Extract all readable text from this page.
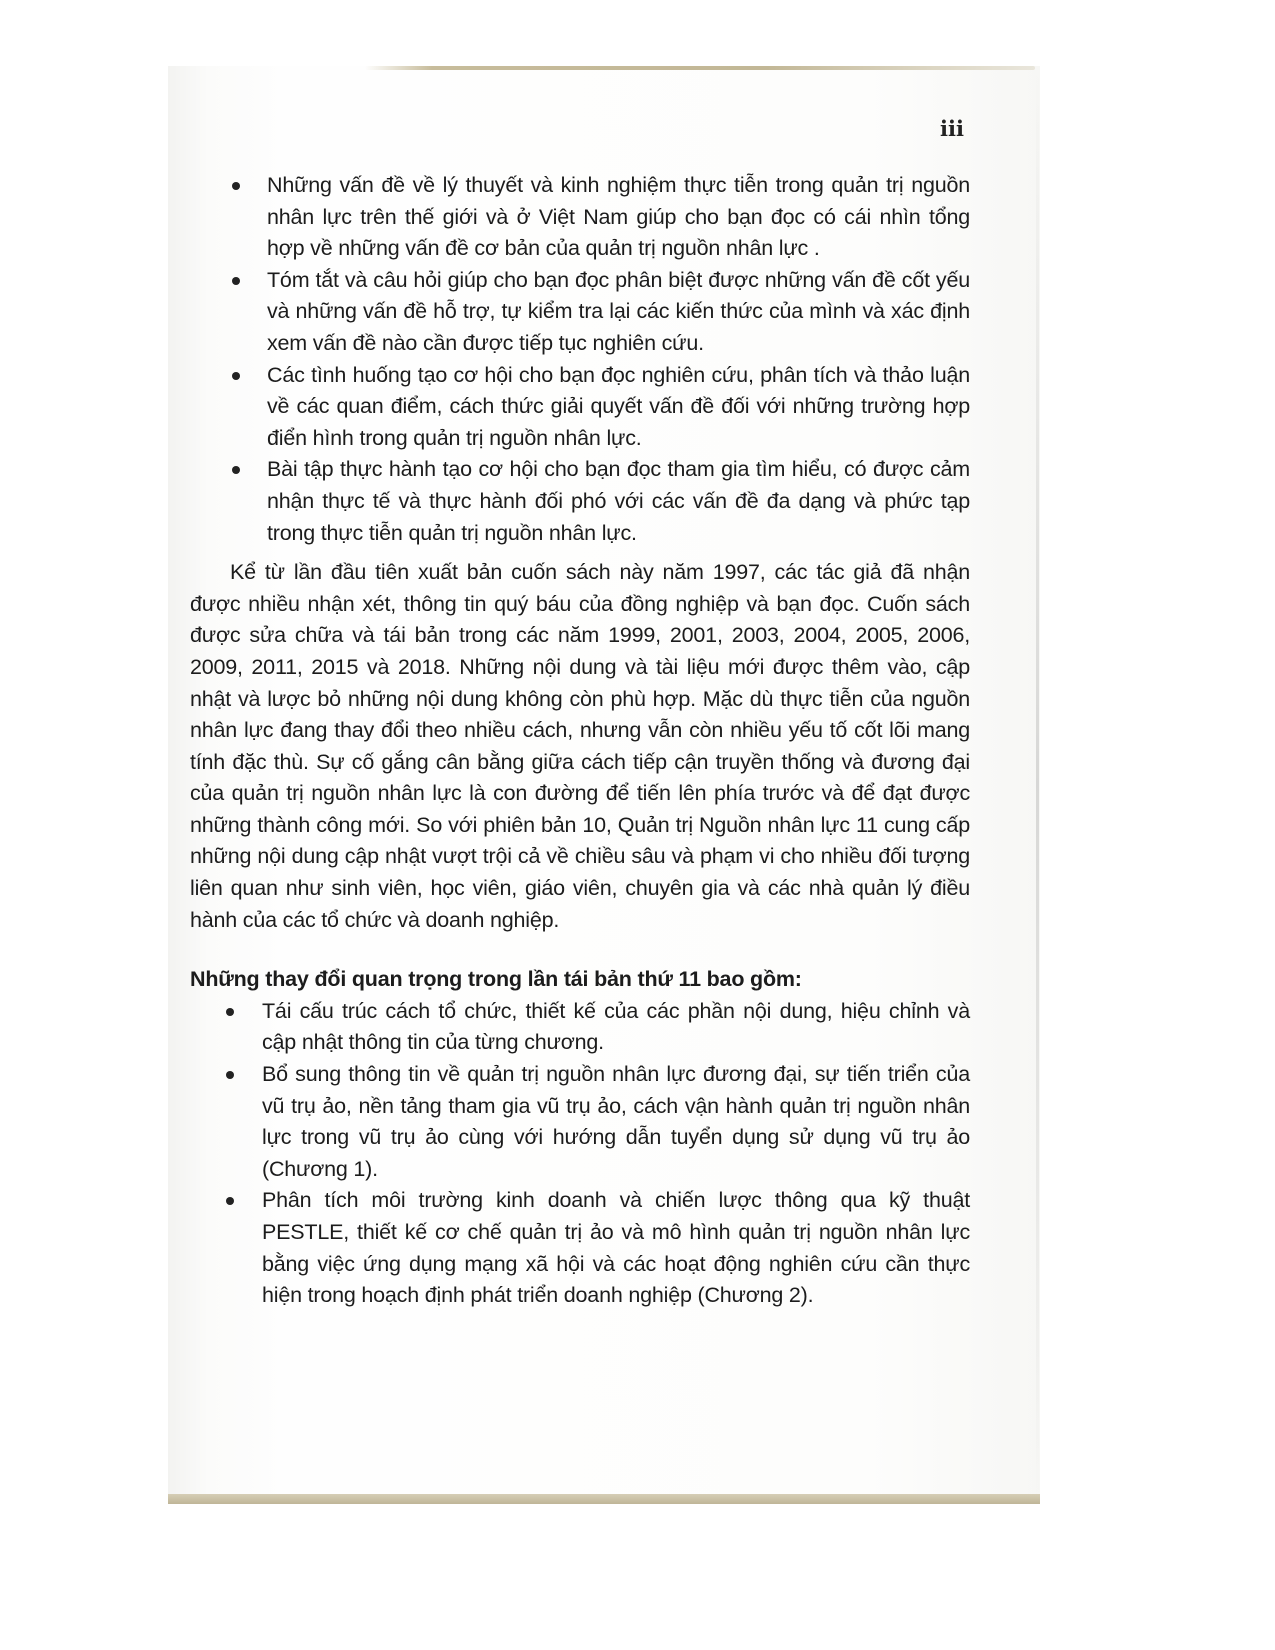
iii
Những vấn đề về lý thuyết và kinh nghiệm thực tiễn trong quản trị nguồn nhân lực trên thế giới và ở Việt Nam giúp cho bạn đọc có cái nhìn tổng hợp về những vấn đề cơ bản của quản trị nguồn nhân lực .
Tóm tắt và câu hỏi giúp cho bạn đọc phân biệt được những vấn đề cốt yếu và những vấn đề hỗ trợ, tự kiểm tra lại các kiến thức của mình và xác định xem vấn đề nào cần được tiếp tục nghiên cứu.
Các tình huống tạo cơ hội cho bạn đọc nghiên cứu, phân tích và thảo luận về các quan điểm, cách thức giải quyết vấn đề đối với những trường hợp điển hình trong quản trị nguồn nhân lực.
Bài tập thực hành tạo cơ hội cho bạn đọc tham gia tìm hiểu, có được cảm nhận thực tế và thực hành đối phó với các vấn đề đa dạng và phức tạp trong thực tiễn quản trị nguồn nhân lực.

Kể từ lần đầu tiên xuất bản cuốn sách này năm 1997, các tác giả đã nhận được nhiều nhận xét, thông tin quý báu của đồng nghiệp và bạn đọc. Cuốn sách được sửa chữa và tái bản trong các năm 1999, 2001, 2003, 2004, 2005, 2006, 2009, 2011, 2015 và 2018. Những nội dung và tài liệu mới được thêm vào, cập nhật và lược bỏ những nội dung không còn phù hợp. Mặc dù thực tiễn của nguồn nhân lực đang thay đổi theo nhiều cách, nhưng vẫn còn nhiều yếu tố cốt lõi mang tính đặc thù. Sự cố gắng cân bằng giữa cách tiếp cận truyền thống và đương đại của quản trị nguồn nhân lực là con đường để tiến lên phía trước và để đạt được những thành công mới. So với phiên bản 10, Quản trị Nguồn nhân lực 11 cung cấp những nội dung cập nhật vượt trội cả về chiều sâu và phạm vi cho nhiều đối tượng liên quan như sinh viên, học viên, giáo viên, chuyên gia và các nhà quản lý điều hành của các tổ chức và doanh nghiệp.

Những thay đổi quan trọng trong lần tái bản thứ 11 bao gồm:

Tái cấu trúc cách tổ chức, thiết kế của các phần nội dung, hiệu chỉnh và cập nhật thông tin của từng chương.
Bổ sung thông tin về quản trị nguồn nhân lực đương đại, sự tiến triển của vũ trụ ảo, nền tảng tham gia vũ trụ ảo, cách vận hành quản trị nguồn nhân lực trong vũ trụ ảo cùng với hướng dẫn tuyển dụng sử dụng vũ trụ ảo (Chương 1).
Phân tích môi trường kinh doanh và chiến lược thông qua kỹ thuật PESTLE, thiết kế cơ chế quản trị ảo và mô hình quản trị nguồn nhân lực bằng việc ứng dụng mạng xã hội và các hoạt động nghiên cứu cần thực hiện trong hoạch định phát triển doanh nghiệp (Chương 2).
